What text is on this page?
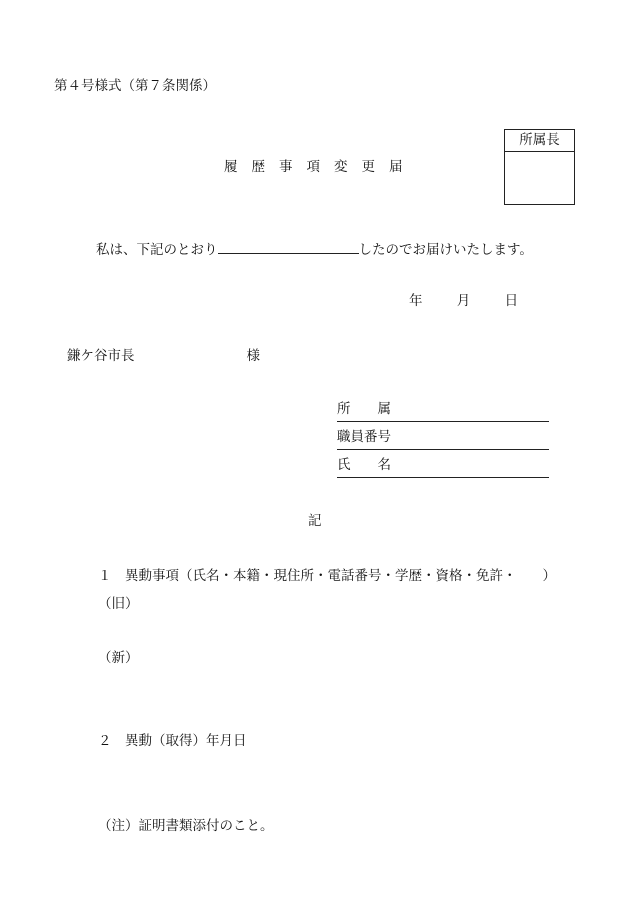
第４号様式（第７条関係）
所属長
履歴事項変更届
私は、下記のとおり	したのでお届けいたします。
年	月	日
鎌ケ谷市長	様
所 属
職員番号
氏 名
記
１　異動事項（氏名・本籍・現住所・電話番号・学歴・資格・免許・ ）
（旧）
（新）
２　異動（取得）年月日
（注）証明書類添付のこと。
